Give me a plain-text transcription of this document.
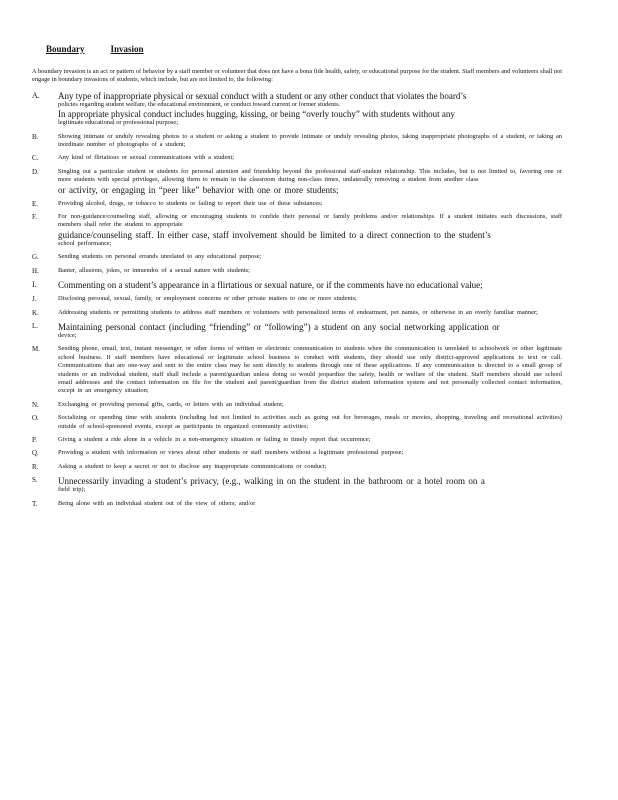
Boundary	Invasion
A boundary invasion is an act or pattern of behavior by a staff member or volunteer that does not have a bona fide health, safety, or educational purpose for the student. Staff members and volunteers shall not engage in boundary invasions of students, which include, but are not limited to, the following:
A.	Any type of inappropriate physical or sexual conduct with a student or any other conduct that violates the board’s
policies regarding student welfare, the educational environment, or conduct toward current or former students.
In appropriate physical conduct includes hugging, kissing, or being “overly touchy” with students without any
legitimate educational or professional purpose;
B.	Showing intimate or unduly revealing photos to a student or asking a student to provide intimate or unduly revealing photos, taking inappropriate photographs of a student, or taking an inordinate number of photographs of a student;
C.	Any kind of flirtatious or sexual communications with a student;
D.	Singling out a particular student or students for personal attention and friendship beyond the professional staff-student relationship. This includes, but is not limited to, favoring one or more students with special privileges, allowing them to remain in the classroom during non-class times, unilaterally removing a student from another class
or activity, or engaging in “peer like” behavior with one or more students;
E.	Providing alcohol, drugs, or tobacco to students or failing to report their use of these substances;
F.	For non-guidance/counseling staff, allowing or encouraging students to confide their personal or family problems and/or relationships. If a student initiates such discussions, staff members shall refer the student to appropriate
guidance/counseling staff. In either case, staff involvement should be limited to a direct connection to the student’s
school performance;
G.	Sending students on personal errands unrelated to any educational purpose;
H.	Banter, allusions, jokes, or innuendos of a sexual nature with students;
I.	Commenting on a student’s appearance in a flirtatious or sexual nature, or if the comments have no educational value;
J.	Disclosing personal, sexual, family, or employment concerns or other private matters to one or more students;
K.	Addressing students or permitting students to address staff members or volunteers with personalized terms of endearment, pet names, or otherwise in an overly familiar manner;
L.	Maintaining personal contact (including “friending” or “following”) a student on any social networking application or
device;
M.	Sending phone, email, text, instant messenger, or other forms of written or electronic communication to students when the communication is unrelated to schoolwork or other legitimate school business. If staff members have educational or legitimate school business to conduct with students, they should use only district-approved applications to text or call. Communications that are one-way and sent to the entire class may be sent directly to students through one of these applications. If any communication is directed to a small group of students or an individual student, staff shall include a parent/guardian unless doing so would jeopardize the safety, health or welfare of the student. Staff members should use school email addresses and the contact information on file for the student and parent/guardian from the district student information system and not personally collected contact information, except in an emergency situation;
N.	Exchanging or providing personal gifts, cards, or letters with an individual student;
O.	Socializing or spending time with students (including but not limited to activities such as going out for beverages, meals or movies, shopping, traveling and recreational activities) outside of school-sponsored events, except as participants in organized community activities;
P.	Giving a student a ride alone in a vehicle in a non-emergency situation or failing to timely report that occurrence;
Q.	Providing a student with information or views about other students or staff members without a legitimate professional purpose;
R.	Asking a student to keep a secret or not to disclose any inappropriate communications or conduct;
S.	Unnecessarily invading a student’s privacy, (e.g., walking in on the student in the bathroom or a hotel room on a
field trip);
T.	Being alone with an individual student out of the view of others; and/or
